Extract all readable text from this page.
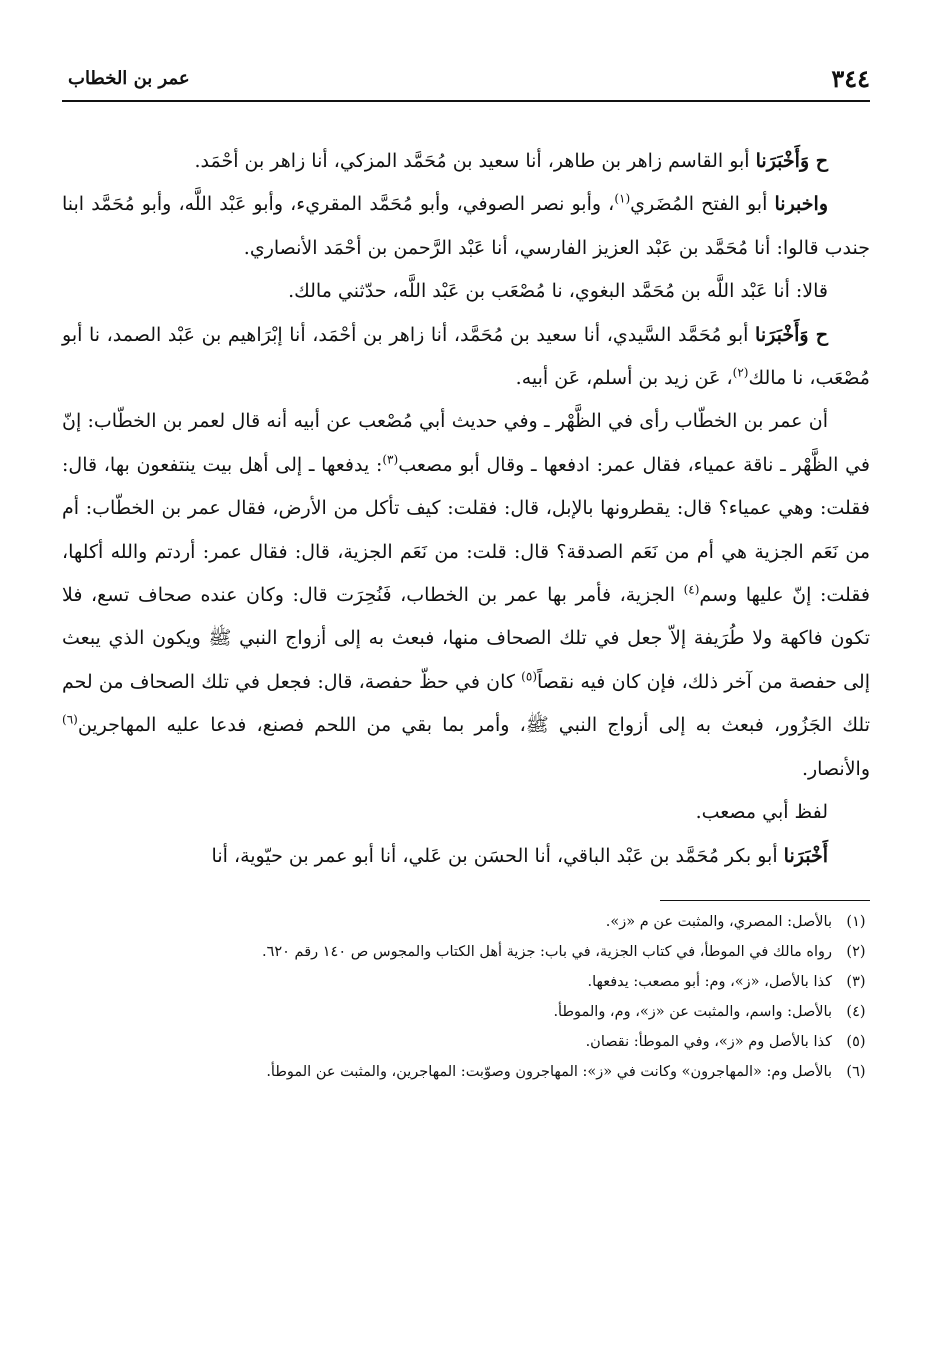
٣٤٤
عمر بن الخطاب

ح وَأَخْبَرَنا أبو القاسم زاهر بن طاهر، أنا سعيد بن مُحَمَّد المزكي، أنا زاهر بن أحْمَد.

واخبرنا أبو الفتح المُضَري$^{(١)}$، وأبو نصر الصوفي، وأبو مُحَمَّد المقريء، وأبو عَبْد اللَّه، وأبو مُحَمَّد ابنا جندب قالوا: أنا مُحَمَّد بن عَبْد العزيز الفارسي، أنا عَبْد الرَّحمن بن أحْمَد الأنصاري.

قالا: أنا عَبْد اللَّه بن مُحَمَّد البغوي، نا مُصْعَب بن عَبْد اللَّه، حدّثني مالك.

ح وَأَخْبَرَنا أبو مُحَمَّد السَّيدي، أنا سعيد بن مُحَمَّد، أنا زاهر بن أحْمَد، أنا إبْرَاهيم بن عَبْد الصمد، نا أبو مُصْعَب، نا مالك$^{(٢)}$، عَن زيد بن أسلم، عَن أبيه.

أن عمر بن الخطّاب رأى في الظَّهْر ـ وفي حديث أبي مُصْعب عن أبيه أنه قال لعمر بن الخطّاب: إنّ في الظَّهْر ـ ناقة عمياء، فقال عمر: ادفعها ـ وقال أبو مصعب$^{(٣)}$: يدفعها ـ إلى أهل بيت ينتفعون بها، قال: فقلت: وهي عمياء؟ قال: يقطرونها بالإبل، قال: فقلت: كيف تأكل من الأرض، فقال عمر بن الخطّاب: أم من نَعَم الجزية هي أم من نَعَم الصدقة؟ قال: قلت: من نَعَم الجزية، قال: فقال عمر: أردتم والله أكلها، فقلت: إنّ عليها وسم$^{(٤)}$ الجزية، فأمر بها عمر بن الخطاب، فَنُحِرَت قال: وكان عنده صحاف تسع، فلا تكون فاكهة ولا طُرَيفة إلاّ جعل في تلك الصحاف منها، فبعث به إلى أزواج النبي ﷺ ويكون الذي يبعث إلى حفصة من آخر ذلك، فإن كان فيه نقصاً$^{(٥)}$ كان في حظّ حفصة، قال: فجعل في تلك الصحاف من لحم تلك الجَزُور، فبعث به إلى أزواج النبي ﷺ، وأمر بما بقي من اللحم فصنع، فدعا عليه المهاجرين$^{(٦)}$ والأنصار.

لفظ أبي مصعب.

أَخْبَرَنا أبو بكر مُحَمَّد بن عَبْد الباقي، أنا الحسَن بن عَلي، أنا أبو عمر بن حيّوية، أنا

(١)
بالأصل: المصري، والمثبت عن م «ز».
(٢)
رواه مالك في الموطأ، في كتاب الجزية، في باب: جزية أهل الكتاب والمجوس ص ١٤٠ رقم ٦٢٠.
(٣)
كذا بالأصل، «ز»، وم: أبو مصعب: يدفعها.
(٤)
بالأصل: واسم، والمثبت عن «ز»، وم، والموطأ.
(٥)
كذا بالأصل وم «ز»، وفي الموطأ: نقصان.
(٦)
بالأصل وم: «المهاجرون» وكانت في «ز»: المهاجرون وصوّبت: المهاجرين، والمثبت عن الموطأ.
